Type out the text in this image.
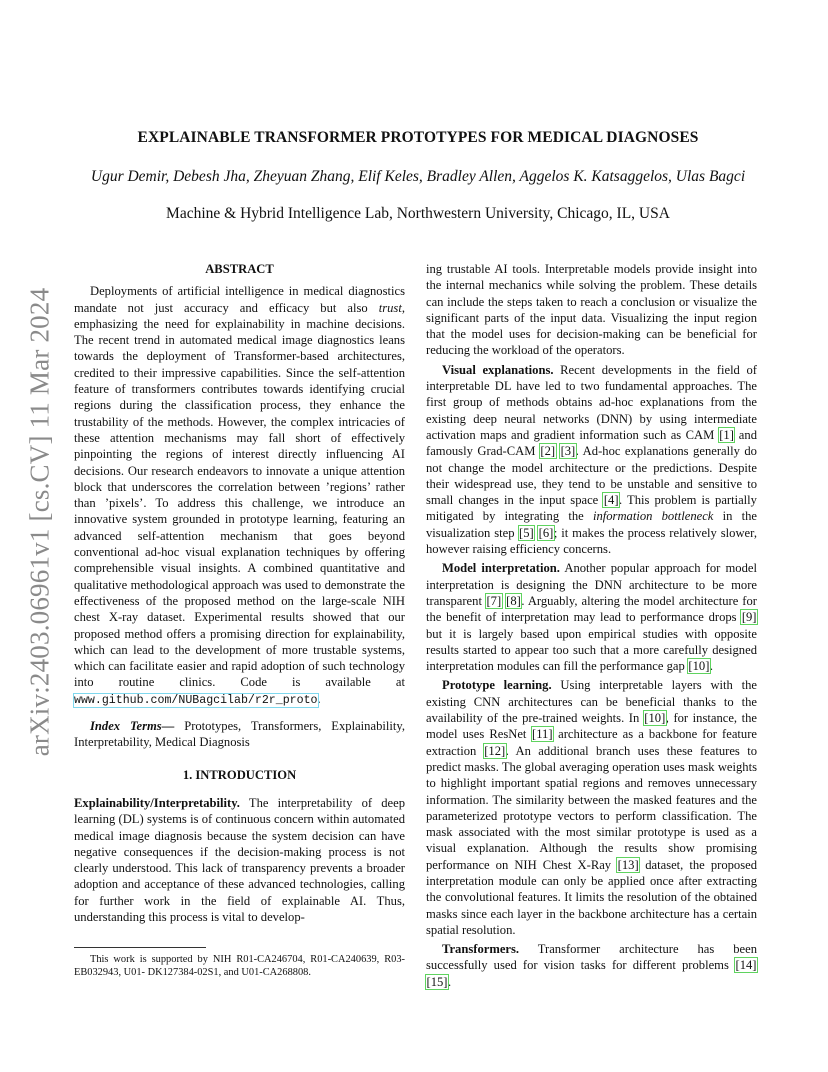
arXiv:2403.06961v1 [cs.CV] 11 Mar 2024
EXPLAINABLE TRANSFORMER PROTOTYPES FOR MEDICAL DIAGNOSES
Ugur Demir, Debesh Jha, Zheyuan Zhang, Elif Keles, Bradley Allen, Aggelos K. Katsaggelos, Ulas Bagci
Machine & Hybrid Intelligence Lab, Northwestern University, Chicago, IL, USA
ABSTRACT

Deployments of artificial intelligence in medical diagnostics mandate not just accuracy and efficacy but also trust, emphasizing the need for explainability in machine decisions. The recent trend in automated medical image diagnostics leans towards the deployment of Transformer-based architectures, credited to their impressive capabilities. Since the self-attention feature of transformers contributes towards identifying crucial regions during the classification process, they enhance the trustability of the methods. However, the complex intricacies of these attention mechanisms may fall short of effectively pinpointing the regions of interest directly influencing AI decisions. Our research endeavors to innovate a unique attention block that underscores the correlation between ’regions’ rather than ’pixels’. To address this challenge, we introduce an innovative system grounded in prototype learning, featuring an advanced self-attention mechanism that goes beyond conventional ad-hoc visual explanation techniques by offering comprehensible visual insights. A combined quantitative and qualitative methodological approach was used to demonstrate the effectiveness of the proposed method on the large-scale NIH chest X-ray dataset. Experimental results showed that our proposed method offers a promising direction for explainability, which can lead to the development of more trustable systems, which can facilitate easier and rapid adoption of such technology into routine clinics. Code is available at www.github.com/NUBagcilab/r2r_proto.

Index Terms— Prototypes, Transformers, Explainability, Interpretability, Medical Diagnosis

1. INTRODUCTION

Explainability/Interpretability. The interpretability of deep learning (DL) systems is of continuous concern within automated medical image diagnosis because the system decision can have negative consequences if the decision-making process is not clearly understood. This lack of transparency prevents a broader adoption and acceptance of these advanced technologies, calling for further work in the field of explainable AI. Thus, understanding this process is vital to develop-

This work is supported by NIH R01-CA246704, R01-CA240639, R03-EB032943, U01- DK127384-02S1, and U01-CA268808.

ing trustable AI tools. Interpretable models provide insight into the internal mechanics while solving the problem. These details can include the steps taken to reach a conclusion or visualize the significant parts of the input data. Visualizing the input region that the model uses for decision-making can be beneficial for reducing the workload of the operators.

Visual explanations. Recent developments in the field of interpretable DL have led to two fundamental approaches. The first group of methods obtains ad-hoc explanations from the existing deep neural networks (DNN) by using intermediate activation maps and gradient information such as CAM [1] and famously Grad-CAM [2] [3]. Ad-hoc explanations generally do not change the model architecture or the predictions. Despite their widespread use, they tend to be unstable and sensitive to small changes in the input space [4]. This problem is partially mitigated by integrating the information bottleneck in the visualization step [5] [6]; it makes the process relatively slower, however raising efficiency concerns.

Model interpretation. Another popular approach for model interpretation is designing the DNN architecture to be more transparent [7] [8]. Arguably, altering the model architecture for the benefit of interpretation may lead to performance drops [9] but it is largely based upon empirical studies with opposite results started to appear too such that a more carefully designed interpretation modules can fill the performance gap [10].

Prototype learning. Using interpretable layers with the existing CNN architectures can be beneficial thanks to the availability of the pre-trained weights. In [10], for instance, the model uses ResNet [11] architecture as a backbone for feature extraction [12]. An additional branch uses these features to predict masks. The global averaging operation uses mask weights to highlight important spatial regions and removes unnecessary information. The similarity between the masked features and the parameterized prototype vectors to perform classification. The mask associated with the most similar prototype is used as a visual explanation. Although the results show promising performance on NIH Chest X-Ray [13] dataset, the proposed interpretation module can only be applied once after extracting the convolutional features. It limits the resolution of the obtained masks since each layer in the backbone architecture has a certain spatial resolution.

Transformers. Transformer architecture has been successfully used for vision tasks for different problems [14] [15].
